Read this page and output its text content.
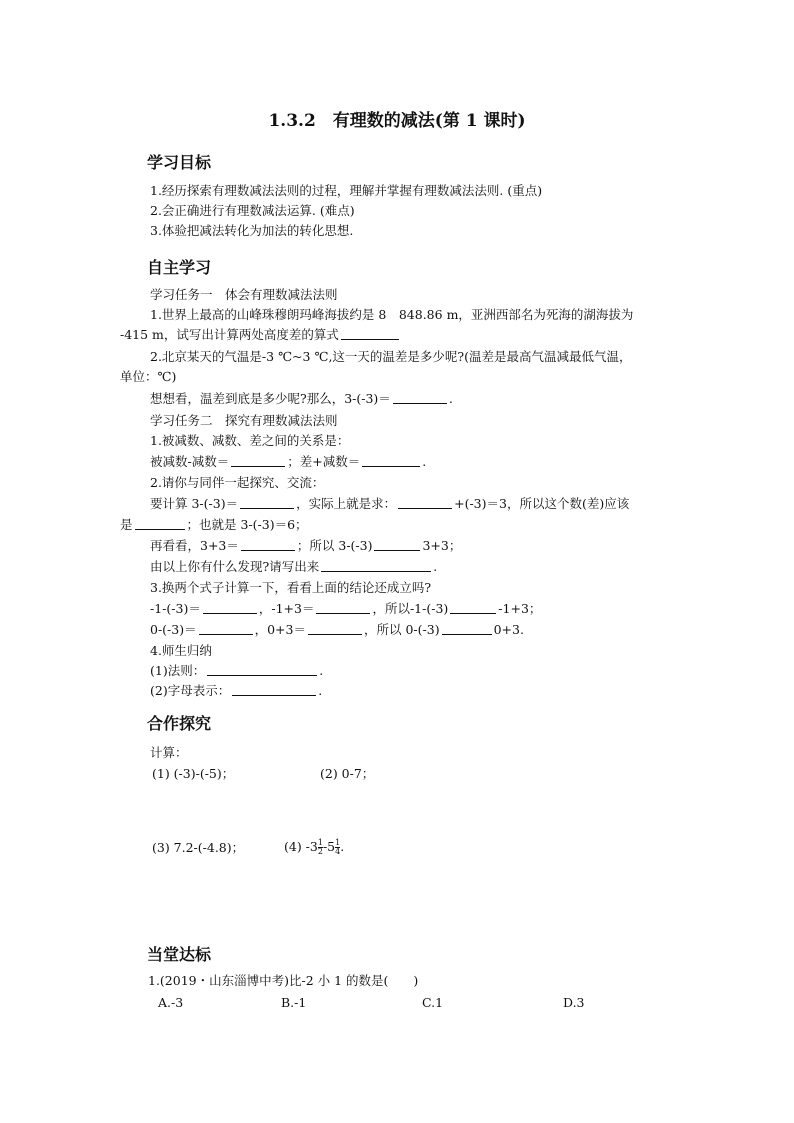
1.3.2　有理数的减法(第 1 课时)
学习目标
1.经历探索有理数减法法则的过程，理解并掌握有理数减法法则. (重点)
2.会正确进行有理数减法运算. (难点)
3.体验把减法转化为加法的转化思想.
自主学习
学习任务一　体会有理数减法法则
1.世界上最高的山峰珠穆朗玛峰海拔约是 8　848.86 m，亚洲西部名为死海的湖海拔为
-415 m，试写出计算两处高度差的算式
2.北京某天的气温是-3 ℃~3 ℃,这一天的温差是多少呢?(温差是最高气温减最低气温，
单位：℃)
想想看，温差到底是多少呢?那么，3-(-3)＝	.
学习任务二　探究有理数减法法则
1.被减数、减数、差之间的关系是：
被减数-减数＝	；差+减数＝	.
2.请你与同伴一起探究、交流：
要计算 3-(-3)＝	，实际上就是求：	+(-3)＝3，所以这个数(差)应该
是	；也就是 3-(-3)＝6；
再看看，3+3＝	；所以 3-(-3)	3+3；
由以上你有什么发现?请写出来	.
3.换两个式子计算一下，看看上面的结论还成立吗?
-1-(-3)＝	，-1+3＝	，所以-1-(-3)	-1+3；
0-(-3)＝	，0+3＝	，所以 0-(-3)	0+3.
4.师生归纳
(1)法则：	.
(2)字母表示：	.
合作探究
计算：
(1) (-3)-(-5)；	(2) 0-7；
(3) 7.2-(-4.8)；	(4) $-3 \frac{1}{2} -5 \frac{1}{4}$ .
当堂达标
1.(2019・山东淄博中考)比-2 小 1 的数是(　　)
A.-3	B.-1	C.1	D.3
